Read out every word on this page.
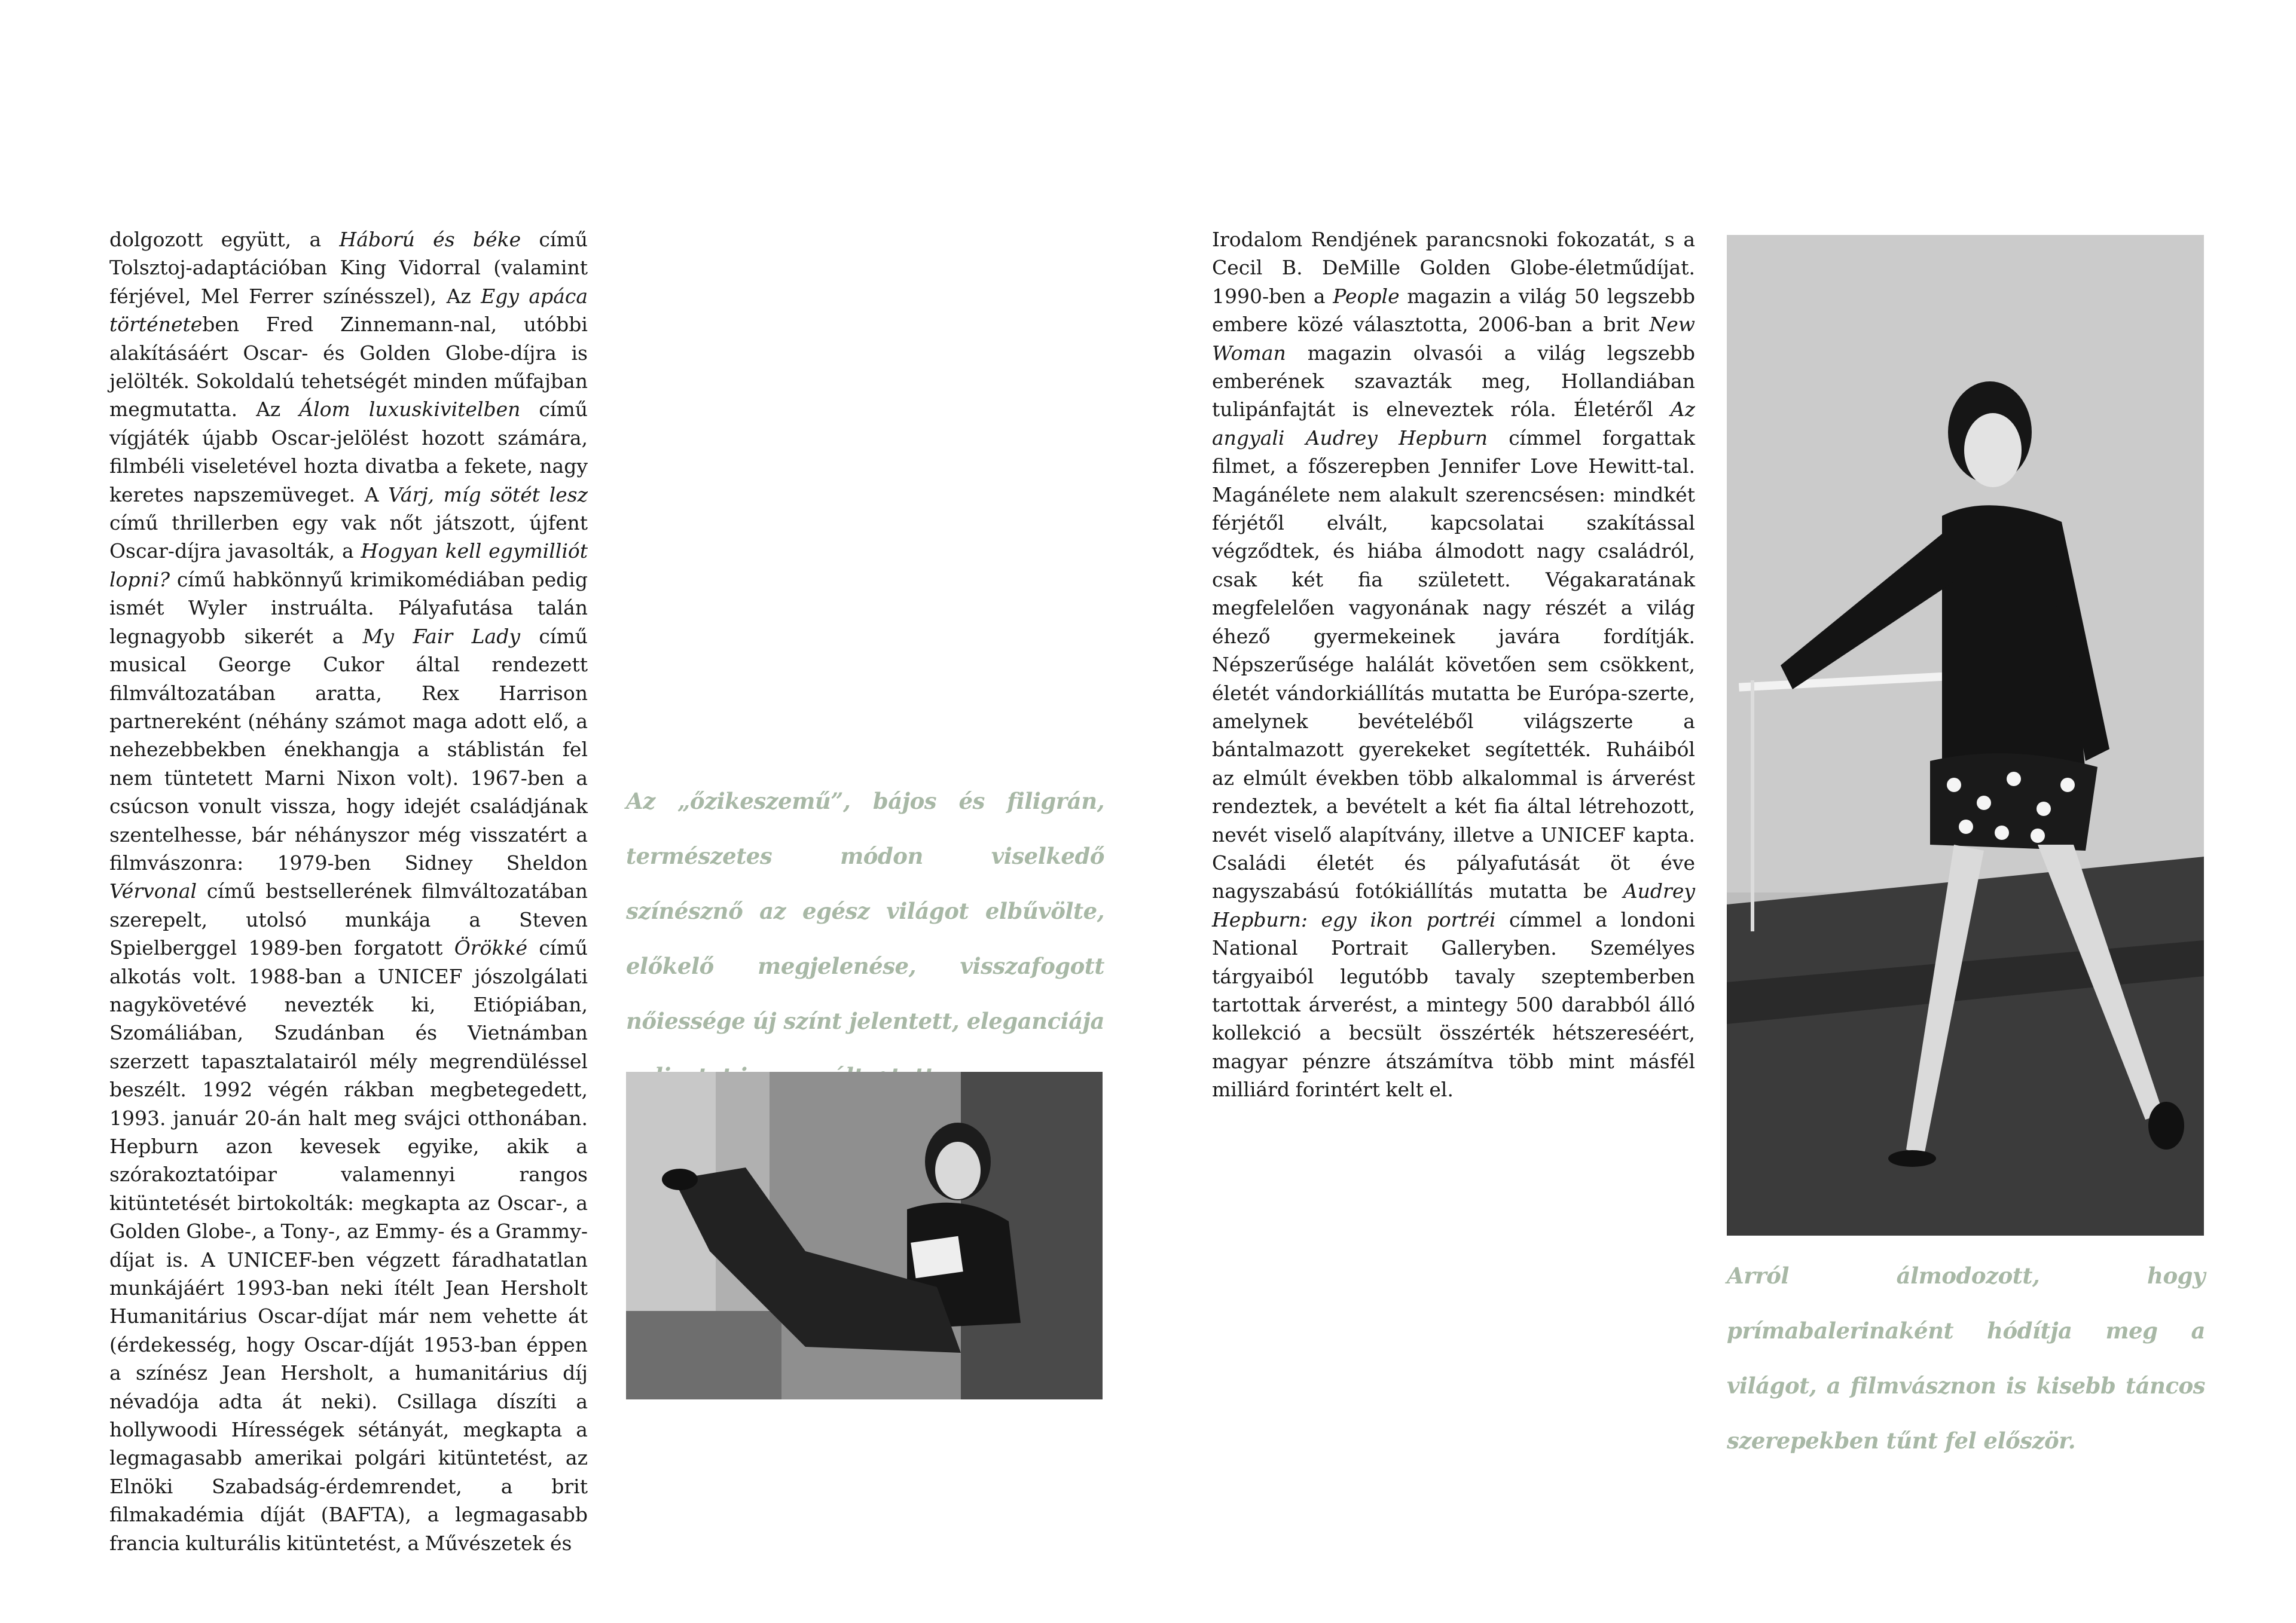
dolgozott együtt, a Háború és béke című Tolsztoj-adaptációban King Vidorral (valamint férjével, Mel Ferrer színésszel), Az Egy apáca történeteben Fred Zinnemann-nal, utóbbi alakításáért Oscar- és Golden Globe-díjra is jelölték. Sokoldalú tehetségét minden műfajban megmutatta. Az Álom luxuskivitelben című vígjáték újabb Oscar-jelölést hozott számára, filmbéli viseletével hozta divatba a fekete, nagy keretes napszemüveget. A Várj, míg sötét lesz című thrillerben egy vak nőt játszott, újfent Oscar-díjra javasolták, a Hogyan kell egymilliót lopni? című habkönnyű krimikomédiában pedig ismét Wyler instruálta. Pályafutása talán legnagyobb sikerét a My Fair Lady című musical George Cukor által rendezett filmváltozatában aratta, Rex Harrison partnereként (néhány számot maga adott elő, a nehezebbekben énekhangja a stáblistán fel nem tüntetett Marni Nixon volt). 1967-ben a csúcson vonult vissza, hogy idejét családjának szentelhesse, bár néhányszor még visszatért a filmvászonra: 1979-ben Sidney Sheldon Vérvonal című bestsellerének filmváltozatában szerepelt, utolsó munkája a Steven Spielberggel 1989-ben forgatott Örökké című alkotás volt. 1988-ban a UNICEF jószolgálati nagykövetévé nevezték ki, Etiópiában, Szomáliában, Szudánban és Vietnámban szerzett tapasztalatairól mély megrendüléssel beszélt. 1992 végén rákban megbetegedett, 1993. január 20-án halt meg svájci otthonában. Hepburn azon kevesek egyike, akik a szórakoztatóipar valamennyi rangos kitüntetését birtokolták: megkapta az Oscar-, a Golden Globe-, a Tony-, az Emmy- és a Grammy-díjat is. A UNICEF-ben végzett fáradhatatlan munkájáért 1993-ban neki ítélt Jean Hersholt Humanitárius Oscar-díjat már nem vehette át (érdekesség, hogy Oscar-díját 1953-ban éppen a színész Jean Hersholt, a humanitárius díj névadója adta át neki). Csillaga díszíti a hollywoodi Hírességek sétányát, megkapta a legmagasabb amerikai polgári kitüntetést, az Elnöki Szabadság-érdemrendet, a brit filmakadémia díját (BAFTA), a legmagasabb francia kulturális kitüntetést, a Művészetek és

Az „őzikeszemű”, bájos és filigrán, természetes módon viselkedő színésznő az egész világot elbűvölte, előkelő megjelenése, visszafogott nőiessége új színt jelentett, eleganciája

Irodalom Rendjének parancsnoki fokozatát, s a Cecil B. DeMille Golden Globe-életműdíjat. 1990-ben a People magazin a világ 50 legszebb embere közé választotta, 2006-ban a brit New Woman magazin olvasói a világ legszebb emberének szavazták meg, Hollandiában tulipánfajtát is elneveztek róla. Életéről Az angyali Audrey Hepburn címmel forgattak filmet, a főszerepben Jennifer Love Hewitt-tal. Magánélete nem alakult szerencsésen: mindkét férjétől elvált, kapcsolatai szakítással végződtek, és hiába álmodott nagy családról, csak két fia született. Végakaratának megfelelően vagyonának nagy részét a világ éhező gyermekeinek javára fordítják. Népszerűsége halálát követően sem csökkent, életét vándorkiállítás mutatta be Európa-szerte, amelynek bevételéből világszerte a bántalmazott gyerekeket segítették. Ruháiból az elmúlt években több alkalommal is árverést rendeztek, a bevételt a két fia által létrehozott, nevét viselő alapítvány, illetve a UNICEF kapta. Családi életét és pályafutását öt éve nagyszabású fotókiállítás mutatta be Audrey Hepburn: egy ikon portréi címmel a londoni National Portrait Galleryben. Személyes tárgyaiból legutóbb tavaly szeptemberben tartottak árverést, a mintegy 500 darabból álló kollekció a becsült összérték hétszereséért, magyar pénzre átszámítva több mint másfél milliárd forintért kelt el.

Arról álmodozott, hogy prímabalerinaként hódítja meg a világot, a filmvásznon is kisebb táncos szerepekben tűnt fel először.
